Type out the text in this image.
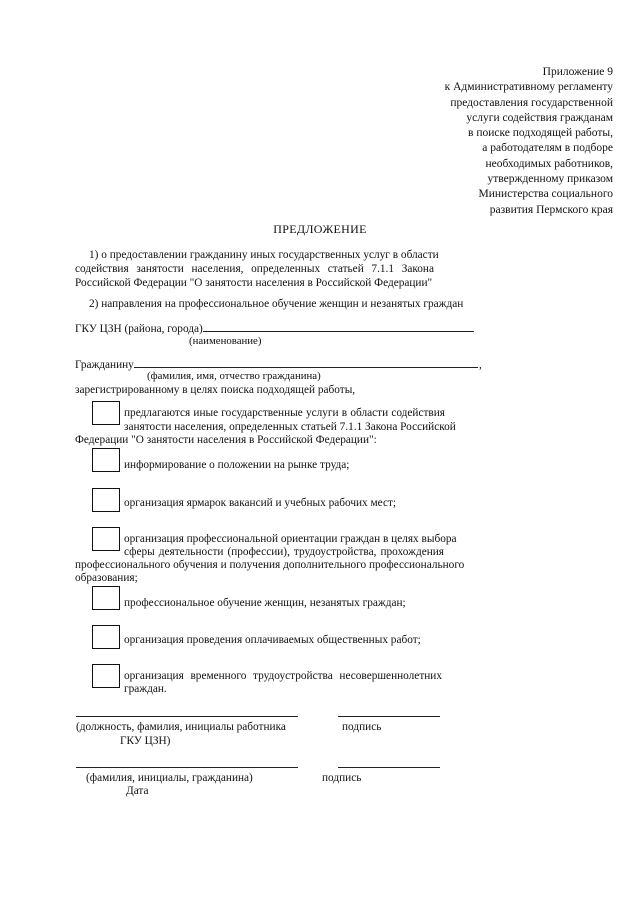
Приложение 9
к Административному регламенту
предоставления государственной
услуги содействия гражданам
в поиске подходящей работы,
а работодателям в подборе
необходимых работников,
утвержденному приказом
Министерства социального
развития Пермского края
ПРЕДЛОЖЕНИЕ
1) о предоставлении гражданину иных государственных услуг в области
содействия занятости населения, определенных статьей 7.1.1 Закона
Российской Федерации "О занятости населения в Российской Федерации"
2) направления на профессиональное обучение женщин и незанятых граждан
ГКУ ЦЗН (района, города)
(наименование)
Гражданину	,
(фамилия, имя, отчество гражданина)
зарегистрированному в целях поиска подходящей работы,
предлагаются иные государственные услуги в области содействия
занятости населения, определенных статьей 7.1.1 Закона Российской
Федерации "О занятости населения в Российской Федерации":
информирование о положении на рынке труда;
организация ярмарок вакансий и учебных рабочих мест;
организация профессиональной ориентации граждан в целях выбора
сферы деятельности (профессии), трудоустройства, прохождения
профессионального обучения и получения дополнительного профессионального
образования;
профессиональное обучение женщин, незанятых граждан;
организация проведения оплачиваемых общественных работ;
организация временного трудоустройства несовершеннолетних
граждан.
(должность, фамилия, инициалы работника	подпись
ГКУ ЦЗН)
(фамилия, инициалы, гражданина)	подпись
Дата
